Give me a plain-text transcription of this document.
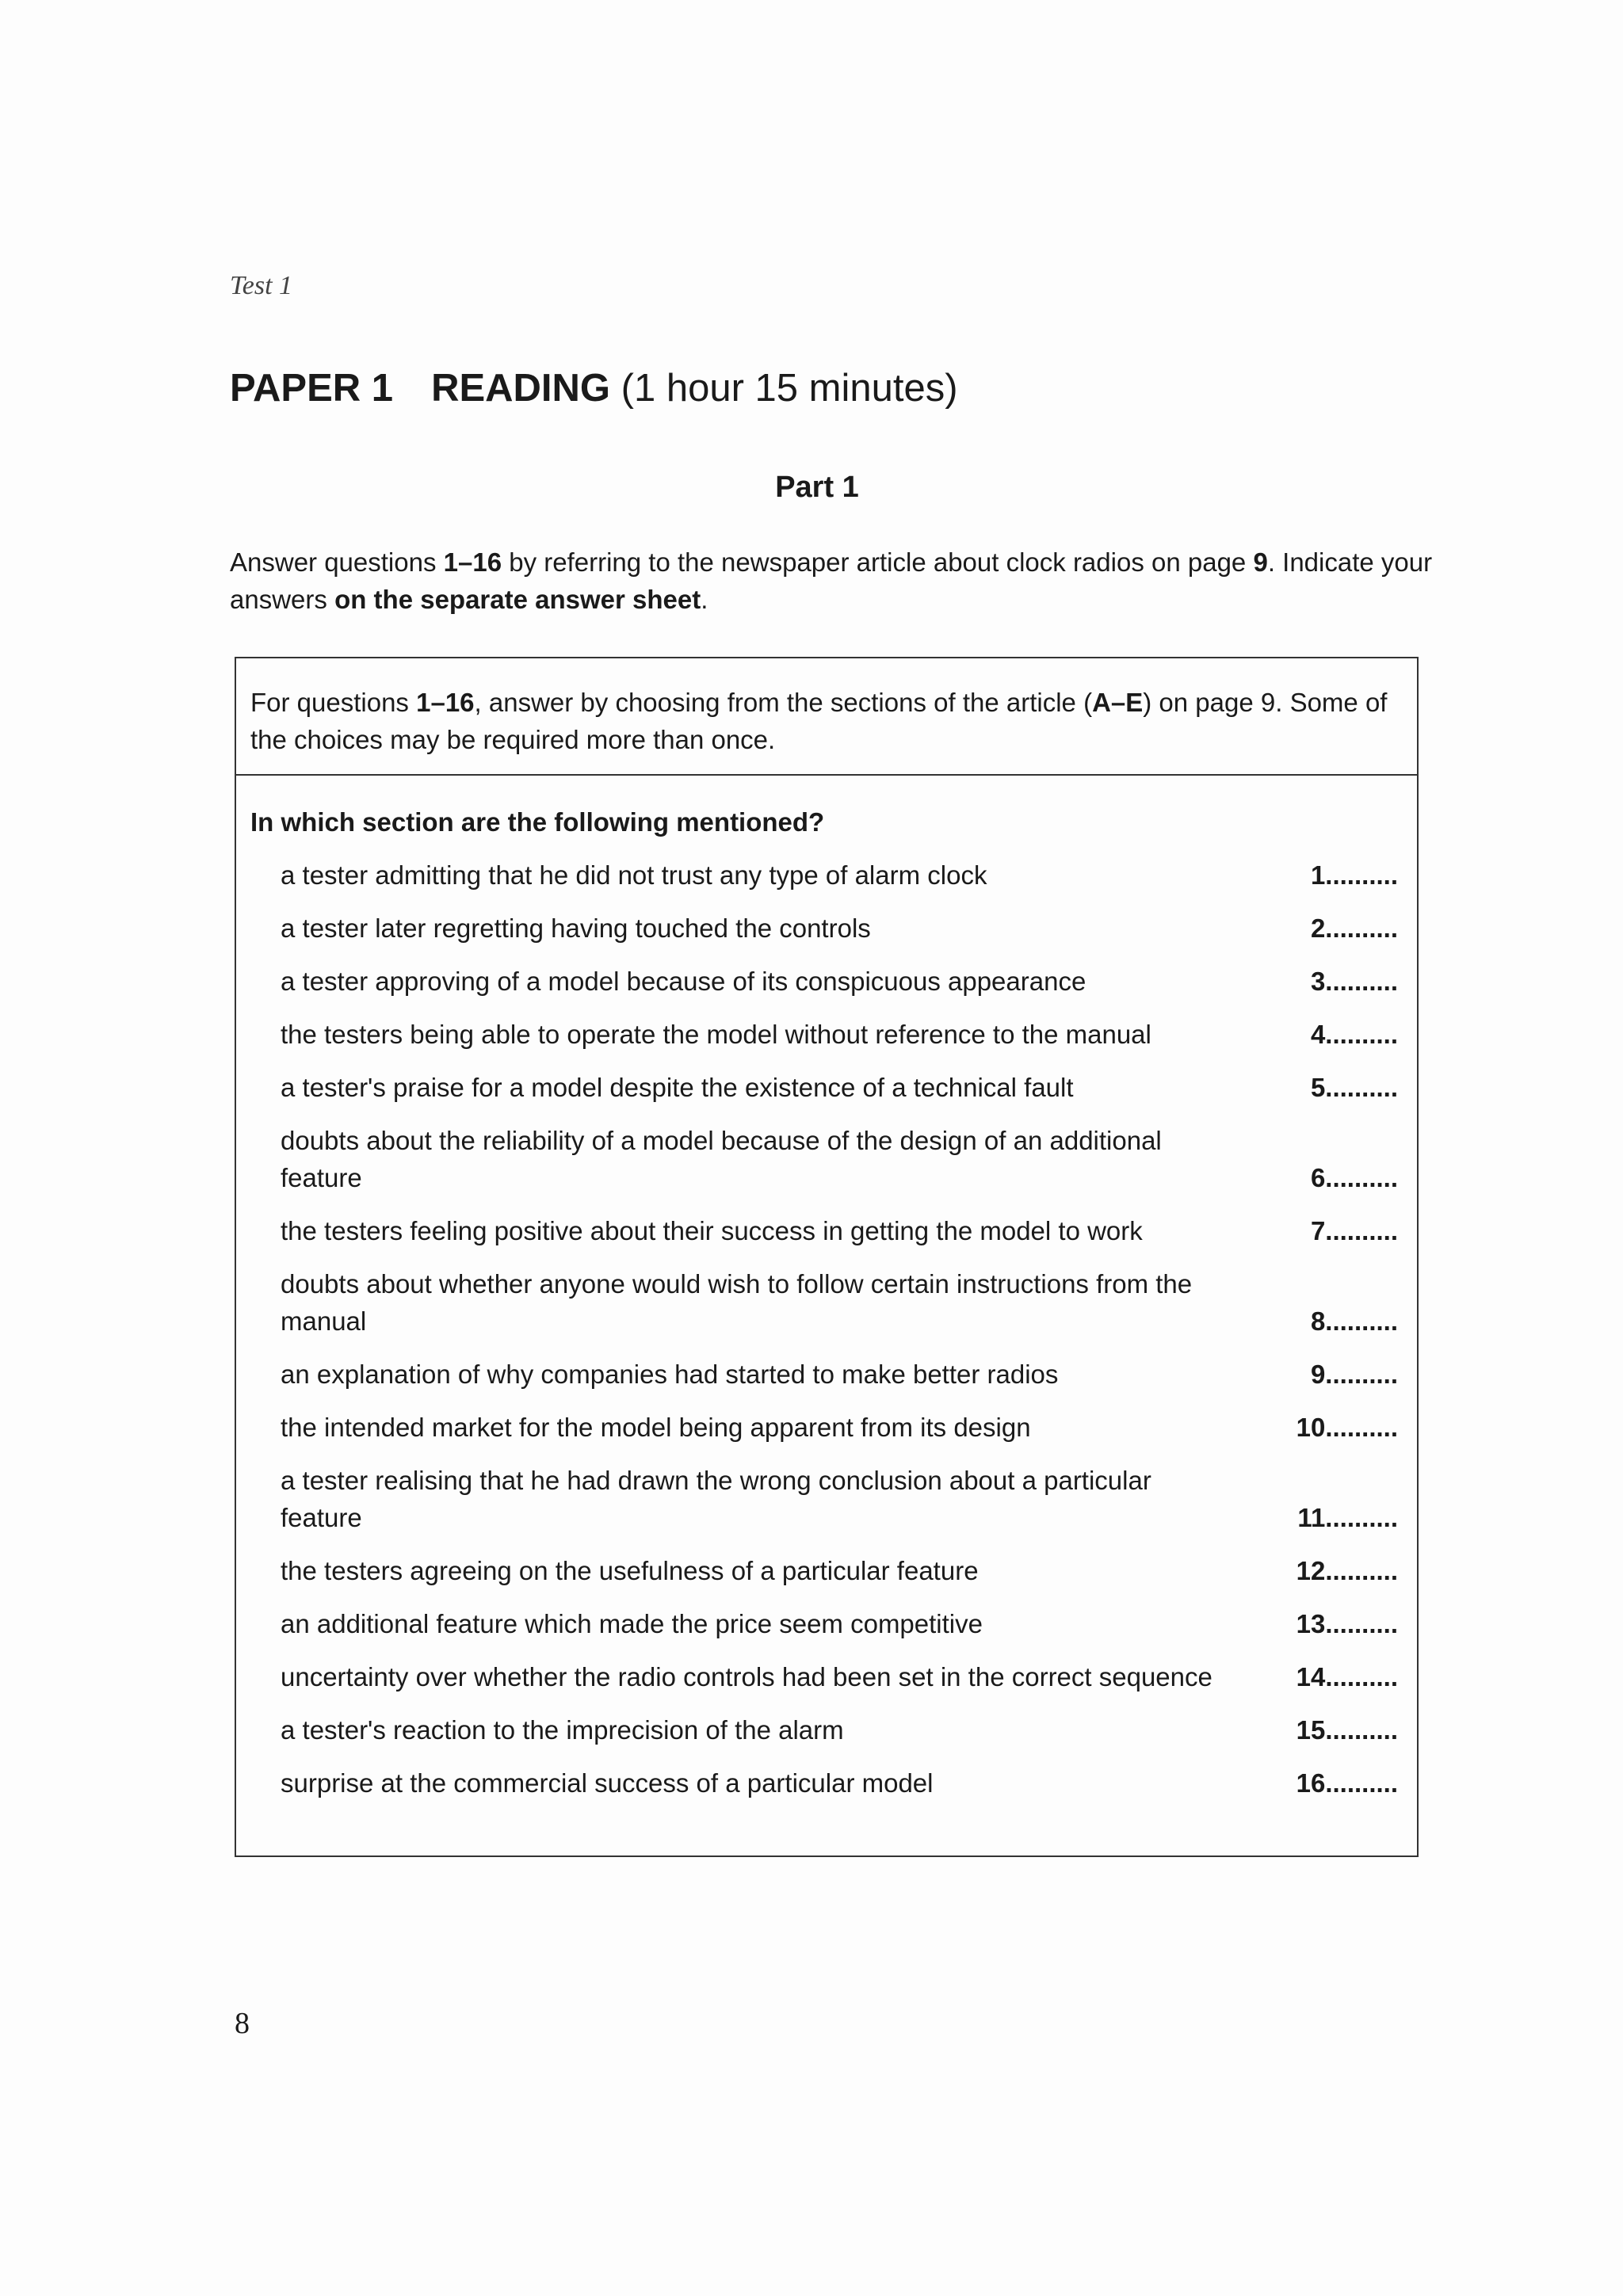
Test 1
PAPER 1 READING (1 hour 15 minutes)
Part 1
Answer questions 1–16 by referring to the newspaper article about clock radios on page 9. Indicate your answers on the separate answer sheet.
For questions 1–16, answer by choosing from the sections of the article (A–E) on page 9. Some of the choices may be required more than once.
In which section are the following mentioned?
a tester admitting that he did not trust any type of alarm clock	1..........
a tester later regretting having touched the controls	2..........
a tester approving of a model because of its conspicuous appearance	3..........
the testers being able to operate the model without reference to the manual	4..........
a tester's praise for a model despite the existence of a technical fault	5..........
doubts about the reliability of a model because of the design of an additional feature	6..........
the testers feeling positive about their success in getting the model to work	7..........
doubts about whether anyone would wish to follow certain instructions from the manual	8..........
an explanation of why companies had started to make better radios	9..........
the intended market for the model being apparent from its design	10..........
a tester realising that he had drawn the wrong conclusion about a particular feature	11..........
the testers agreeing on the usefulness of a particular feature	12..........
an additional feature which made the price seem competitive	13..........
uncertainty over whether the radio controls had been set in the correct sequence	14..........
a tester's reaction to the imprecision of the alarm	15..........
surprise at the commercial success of a particular model	16..........
8
